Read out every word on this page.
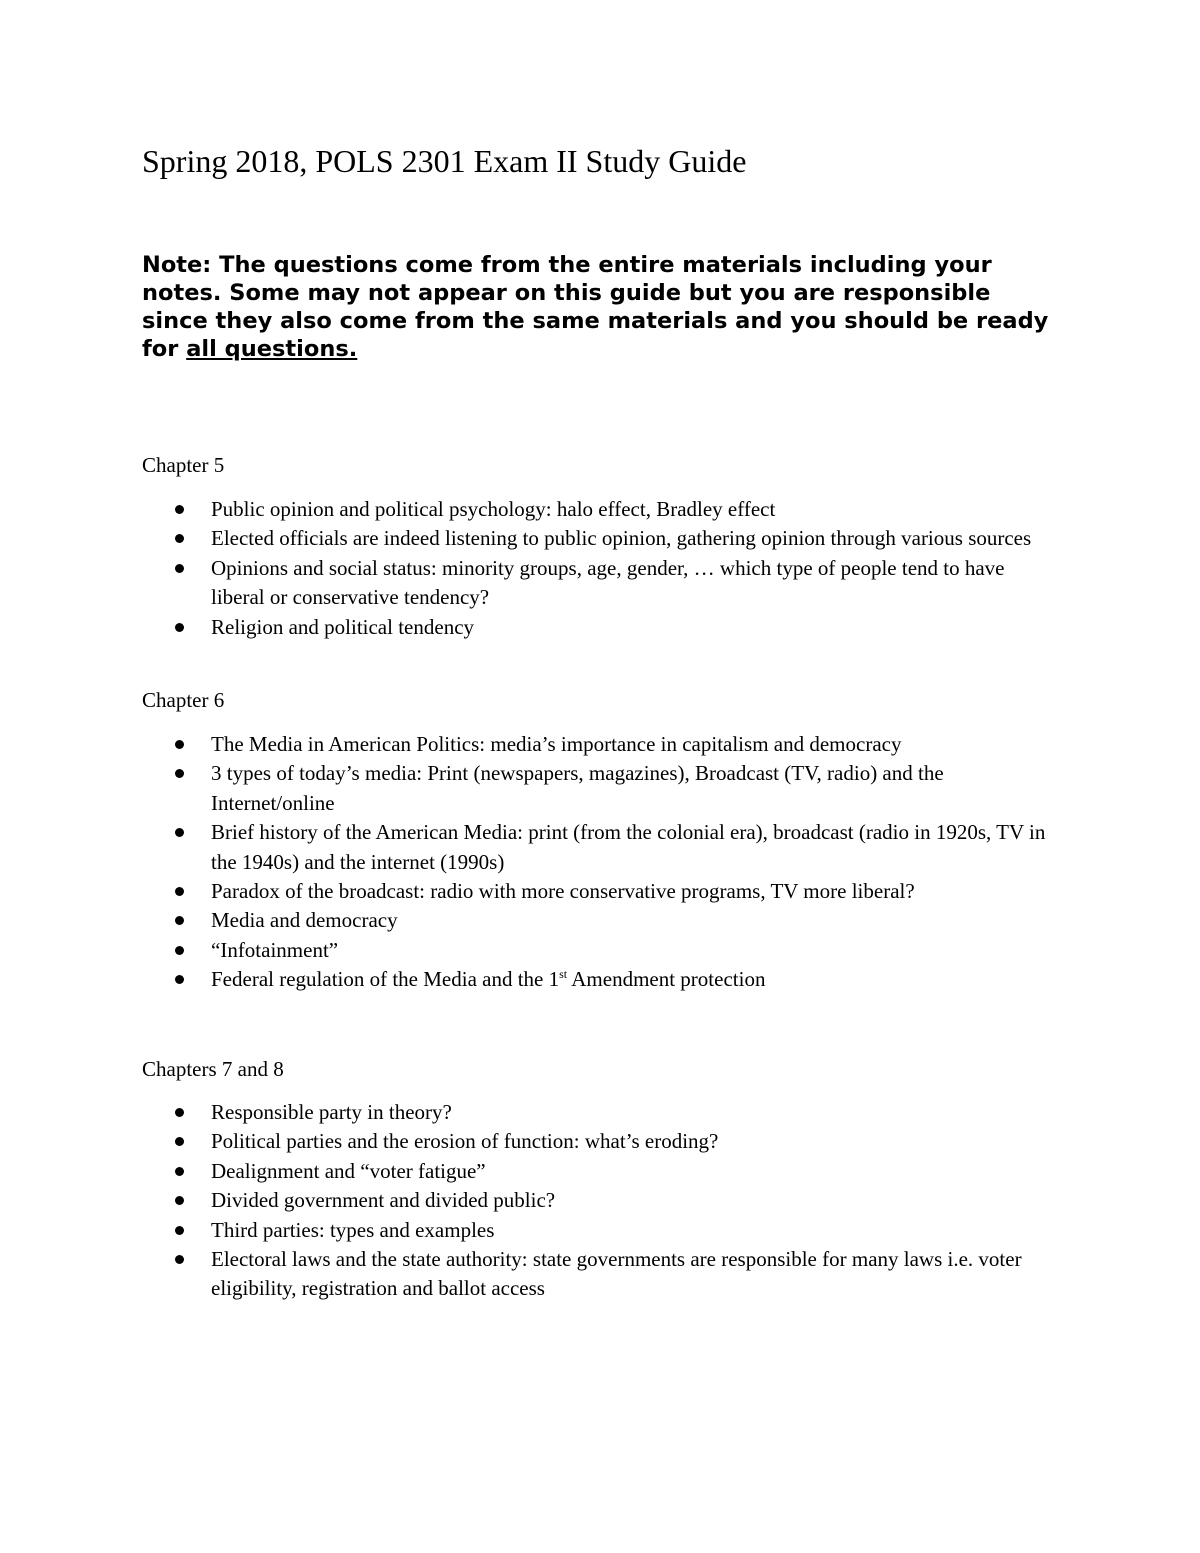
Spring 2018, POLS 2301 Exam II Study Guide

Note: The questions come from the entire materials including your notes. Some may not appear on this guide but you are responsible since they also come from the same materials and you should be ready for all questions.

Chapter 5
Public opinion and political psychology: halo effect, Bradley effect
Elected officials are indeed listening to public opinion, gathering opinion through various sources
Opinions and social status: minority groups, age, gender, … which type of people tend to have liberal or conservative tendency?
Religion and political tendency
Chapter 6
The Media in American Politics: media’s importance in capitalism and democracy
3 types of today’s media: Print (newspapers, magazines), Broadcast (TV, radio) and the Internet/online
Brief history of the American Media: print (from the colonial era), broadcast (radio in 1920s, TV in the 1940s) and the internet (1990s)
Paradox of the broadcast: radio with more conservative programs, TV more liberal?
Media and democracy
“Infotainment”
Federal regulation of the Media and the 1st Amendment protection
Chapters 7 and 8
Responsible party in theory?
Political parties and the erosion of function: what’s eroding?
Dealignment and “voter fatigue”
Divided government and divided public?
Third parties: types and examples
Electoral laws and the state authority: state governments are responsible for many laws i.e. voter eligibility, registration and ballot access
